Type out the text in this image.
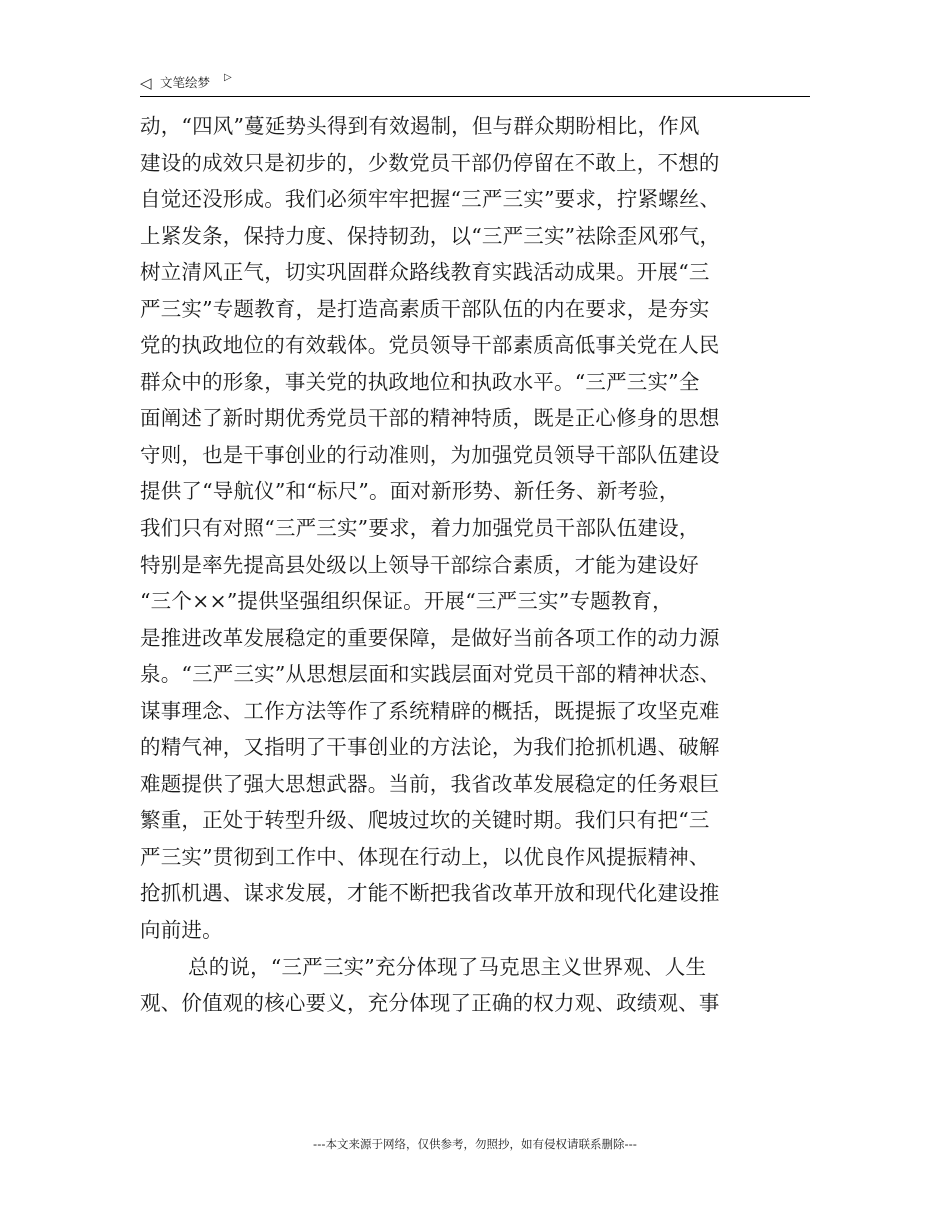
◁ 文笔绘梦 ▷
动，“四风”蔓延势头得到有效遏制，但与群众期盼相比，作风
建设的成效只是初步的，少数党员干部仍停留在不敢上，不想的
自觉还没形成。我们必须牢牢把握“三严三实”要求，拧紧螺丝、
上紧发条，保持力度、保持韧劲，以“三严三实”祛除歪风邪气，
树立清风正气，切实巩固群众路线教育实践活动成果。开展“三
严三实”专题教育，是打造高素质干部队伍的内在要求，是夯实
党的执政地位的有效载体。党员领导干部素质高低事关党在人民
群众中的形象，事关党的执政地位和执政水平。“三严三实”全
面阐述了新时期优秀党员干部的精神特质，既是正心修身的思想
守则，也是干事创业的行动准则，为加强党员领导干部队伍建设
提供了“导航仪”和“标尺”。面对新形势、新任务、新考验，
我们只有对照“三严三实”要求，着力加强党员干部队伍建设，
特别是率先提高县处级以上领导干部综合素质，才能为建设好
“三个××”提供坚强组织保证。开展“三严三实”专题教育，
是推进改革发展稳定的重要保障，是做好当前各项工作的动力源
泉。“三严三实”从思想层面和实践层面对党员干部的精神状态、
谋事理念、工作方法等作了系统精辟的概括，既提振了攻坚克难
的精气神，又指明了干事创业的方法论，为我们抢抓机遇、破解
难题提供了强大思想武器。当前，我省改革发展稳定的任务艰巨
繁重，正处于转型升级、爬坡过坎的关键时期。我们只有把“三
严三实”贯彻到工作中、体现在行动上，以优良作风提振精神、
抢抓机遇、谋求发展，才能不断把我省改革开放和现代化建设推
向前进。
总的说，“三严三实”充分体现了马克思主义世界观、人生
观、价值观的核心要义，充分体现了正确的权力观、政绩观、事
---本文来源于网络，仅供参考，勿照抄，如有侵权请联系删除---
